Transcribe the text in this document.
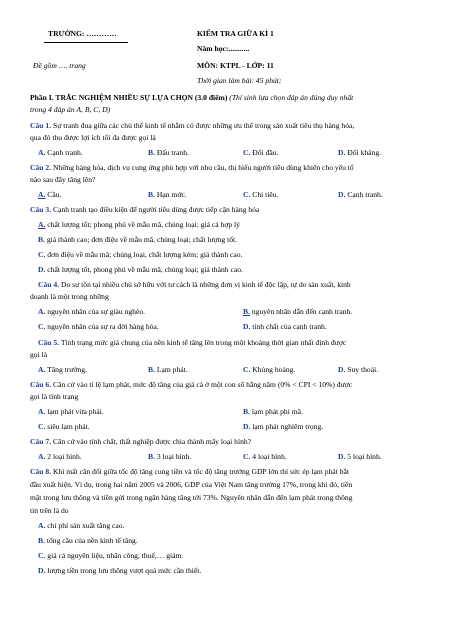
TRƯỜNG: …………	KIỂM TRA GIỮA KÌ 1
Năm học:...........
Đề gồm …. trang	MÔN: KTPL - LỚP: 11
Thời gian làm bài: 45 phút;
Phần I. TRẮC NGHIỆM NHIỀU SỰ LỰA CHỌN (3.0 điểm) (Thí sinh lựa chọn đáp án đúng duy nhất
trong 4 đáp án A, B, C, D)
Câu 1. Sự tranh đua giữa các chủ thể kinh tế nhằm có được những ưu thế trong sản xuất tiêu thụ hàng hóa,
qua đó thu được lợi ích tối đa được gọi là
A. Cạnh tranh.	B. Đấu tranh.	C. Đối đầu.	D. Đối kháng.
Câu 2. Những hàng hóa, dịch vụ cung ứng phù hợp với nhu cầu, thị hiếu người tiêu dùng khiến cho yếu tố
nào sau đây tăng lên?
A. Cầu.	B. Hạn mức.	C. Chi tiêu.	D. Cạnh tranh.
Câu 3. Cạnh tranh tạo điều kiện để người tiêu dùng được tiếp cận hàng hóa
A. chất lượng tốt; phong phú về mẫu mã, chủng loại; giá cả hợp lý
B. giá thành cao; đơn điệu về mẫu mã, chủng loại; chất lượng tốt.
C. đơn điệu về mẫu mã; chủng loại, chất lượng kém; giá thành cao.
D. chất lượng tốt, phong phú về mẫu mã, chủng loại; giá thành cao.
Câu 4. Do sự tồn tại nhiều chủ sở hữu với tư cách là những đơn vị kinh tế độc lập, tự do sản xuất, kinh
doanh là một trong những
A. nguyên nhân của sự giàu nghèo.	B. nguyên nhân dẫn đến cạnh tranh.
C. nguyên nhân của sự ra đời hàng hóa.	D. tính chất của cạnh tranh.
Câu 5. Tình trạng mức giá chung của nền kinh tế tăng lên trong một khoảng thời gian nhất định được
gọi là
A. Tăng trưởng.	B. Lạm phát.	C. Khủng hoảng.	D. Suy thoái.
Câu 6. Căn cứ vào tỉ lệ lạm phát, mức độ tăng của giá cả ở một con số hằng năm (0% < CPI < 10%) được
gọi là tình trạng
A. lạm phát vừa phải.	B. lạm phát phi mã.
C. siêu lạm phát.	D. lạm phát nghiêm trọng.
Câu 7. Căn cứ vào tính chất, thất nghiệp được chia thành mấy loại hình?
A. 2 loại hình.	B. 3 loại hình.	C. 4 loại hình.	D. 5 loại hình.
Câu 8. Khi mất cân đối giữa tốc độ tăng cung tiền và tốc độ tăng trưởng GDP lớn thì sức ép lạm phát bắt
đầu xuất hiện. Ví dụ, trong hai năm 2005 và 2006, GDP của Việt Nam tăng trưởng 17%, trong khi đó, tiền
mặt trong lưu thông và tiền gửi trong ngân hàng tăng tới 73%. Nguyên nhân dẫn đến lạm phát trong thông
tin trên là do
A. chi phí sản xuất tăng cao.
B. tổng cầu của nền kinh tế tăng.
C. giá cả nguyên liệu, nhân công, thuế,… giảm.
D. lượng tiền trong lưu thông vượt quá mức cần thiết.
